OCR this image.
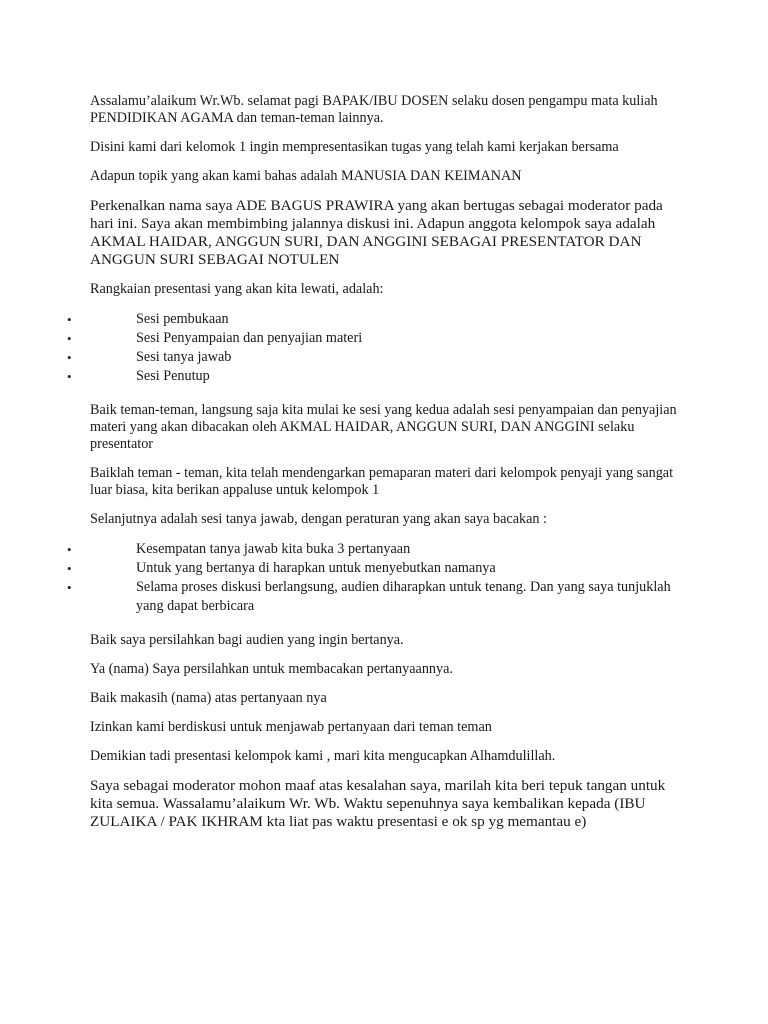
Assalamu’alaikum Wr.Wb. selamat pagi BAPAK/IBU DOSEN selaku dosen pengampu mata kuliah PENDIDIKAN AGAMA dan teman-teman lainnya.

Disini kami dari kelomok 1 ingin mempresentasikan tugas yang telah kami kerjakan bersama

Adapun topik yang akan kami bahas adalah MANUSIA DAN KEIMANAN

Perkenalkan nama saya ADE BAGUS PRAWIRA yang akan bertugas sebagai moderator pada hari ini. Saya akan membimbing jalannya diskusi ini. Adapun anggota kelompok saya adalah AKMAL HAIDAR, ANGGUN SURI, DAN ANGGINI SEBAGAI PRESENTATOR DAN ANGGUN SURI SEBAGAI NOTULEN

Rangkaian presentasi yang akan kita lewati, adalah:

•	Sesi pembukaan
•	Sesi Penyampaian dan penyajian materi
•	Sesi tanya jawab
•	Sesi Penutup

Baik teman-teman, langsung saja kita mulai ke sesi yang kedua adalah sesi penyampaian dan penyajian materi yang akan dibacakan oleh AKMAL HAIDAR, ANGGUN SURI, DAN ANGGINI selaku presentator

Baiklah teman - teman, kita telah mendengarkan pemaparan materi dari kelompok penyaji yang sangat luar biasa, kita berikan appaluse untuk kelompok 1

Selanjutnya adalah sesi tanya jawab, dengan peraturan yang akan saya bacakan :

•	Kesempatan tanya jawab kita buka 3 pertanyaan
•	Untuk yang bertanya di harapkan untuk menyebutkan namanya
•	Selama proses diskusi berlangsung, audien diharapkan untuk tenang. Dan yang saya tunjuklah yang dapat berbicara

Baik saya persilahkan bagi audien yang ingin bertanya.

Ya (nama) Saya persilahkan untuk membacakan pertanyaannya.

Baik makasih (nama) atas pertanyaan nya

Izinkan kami berdiskusi untuk menjawab pertanyaan dari teman teman

Demikian tadi presentasi kelompok kami , mari kita mengucapkan Alhamdulillah.

Saya sebagai moderator mohon maaf atas kesalahan saya, marilah kita beri tepuk tangan untuk kita semua. Wassalamu’alaikum Wr. Wb. Waktu sepenuhnya saya kembalikan kepada (IBU ZULAIKA / PAK IKHRAM kta liat pas waktu presentasi e ok sp yg memantau e)
